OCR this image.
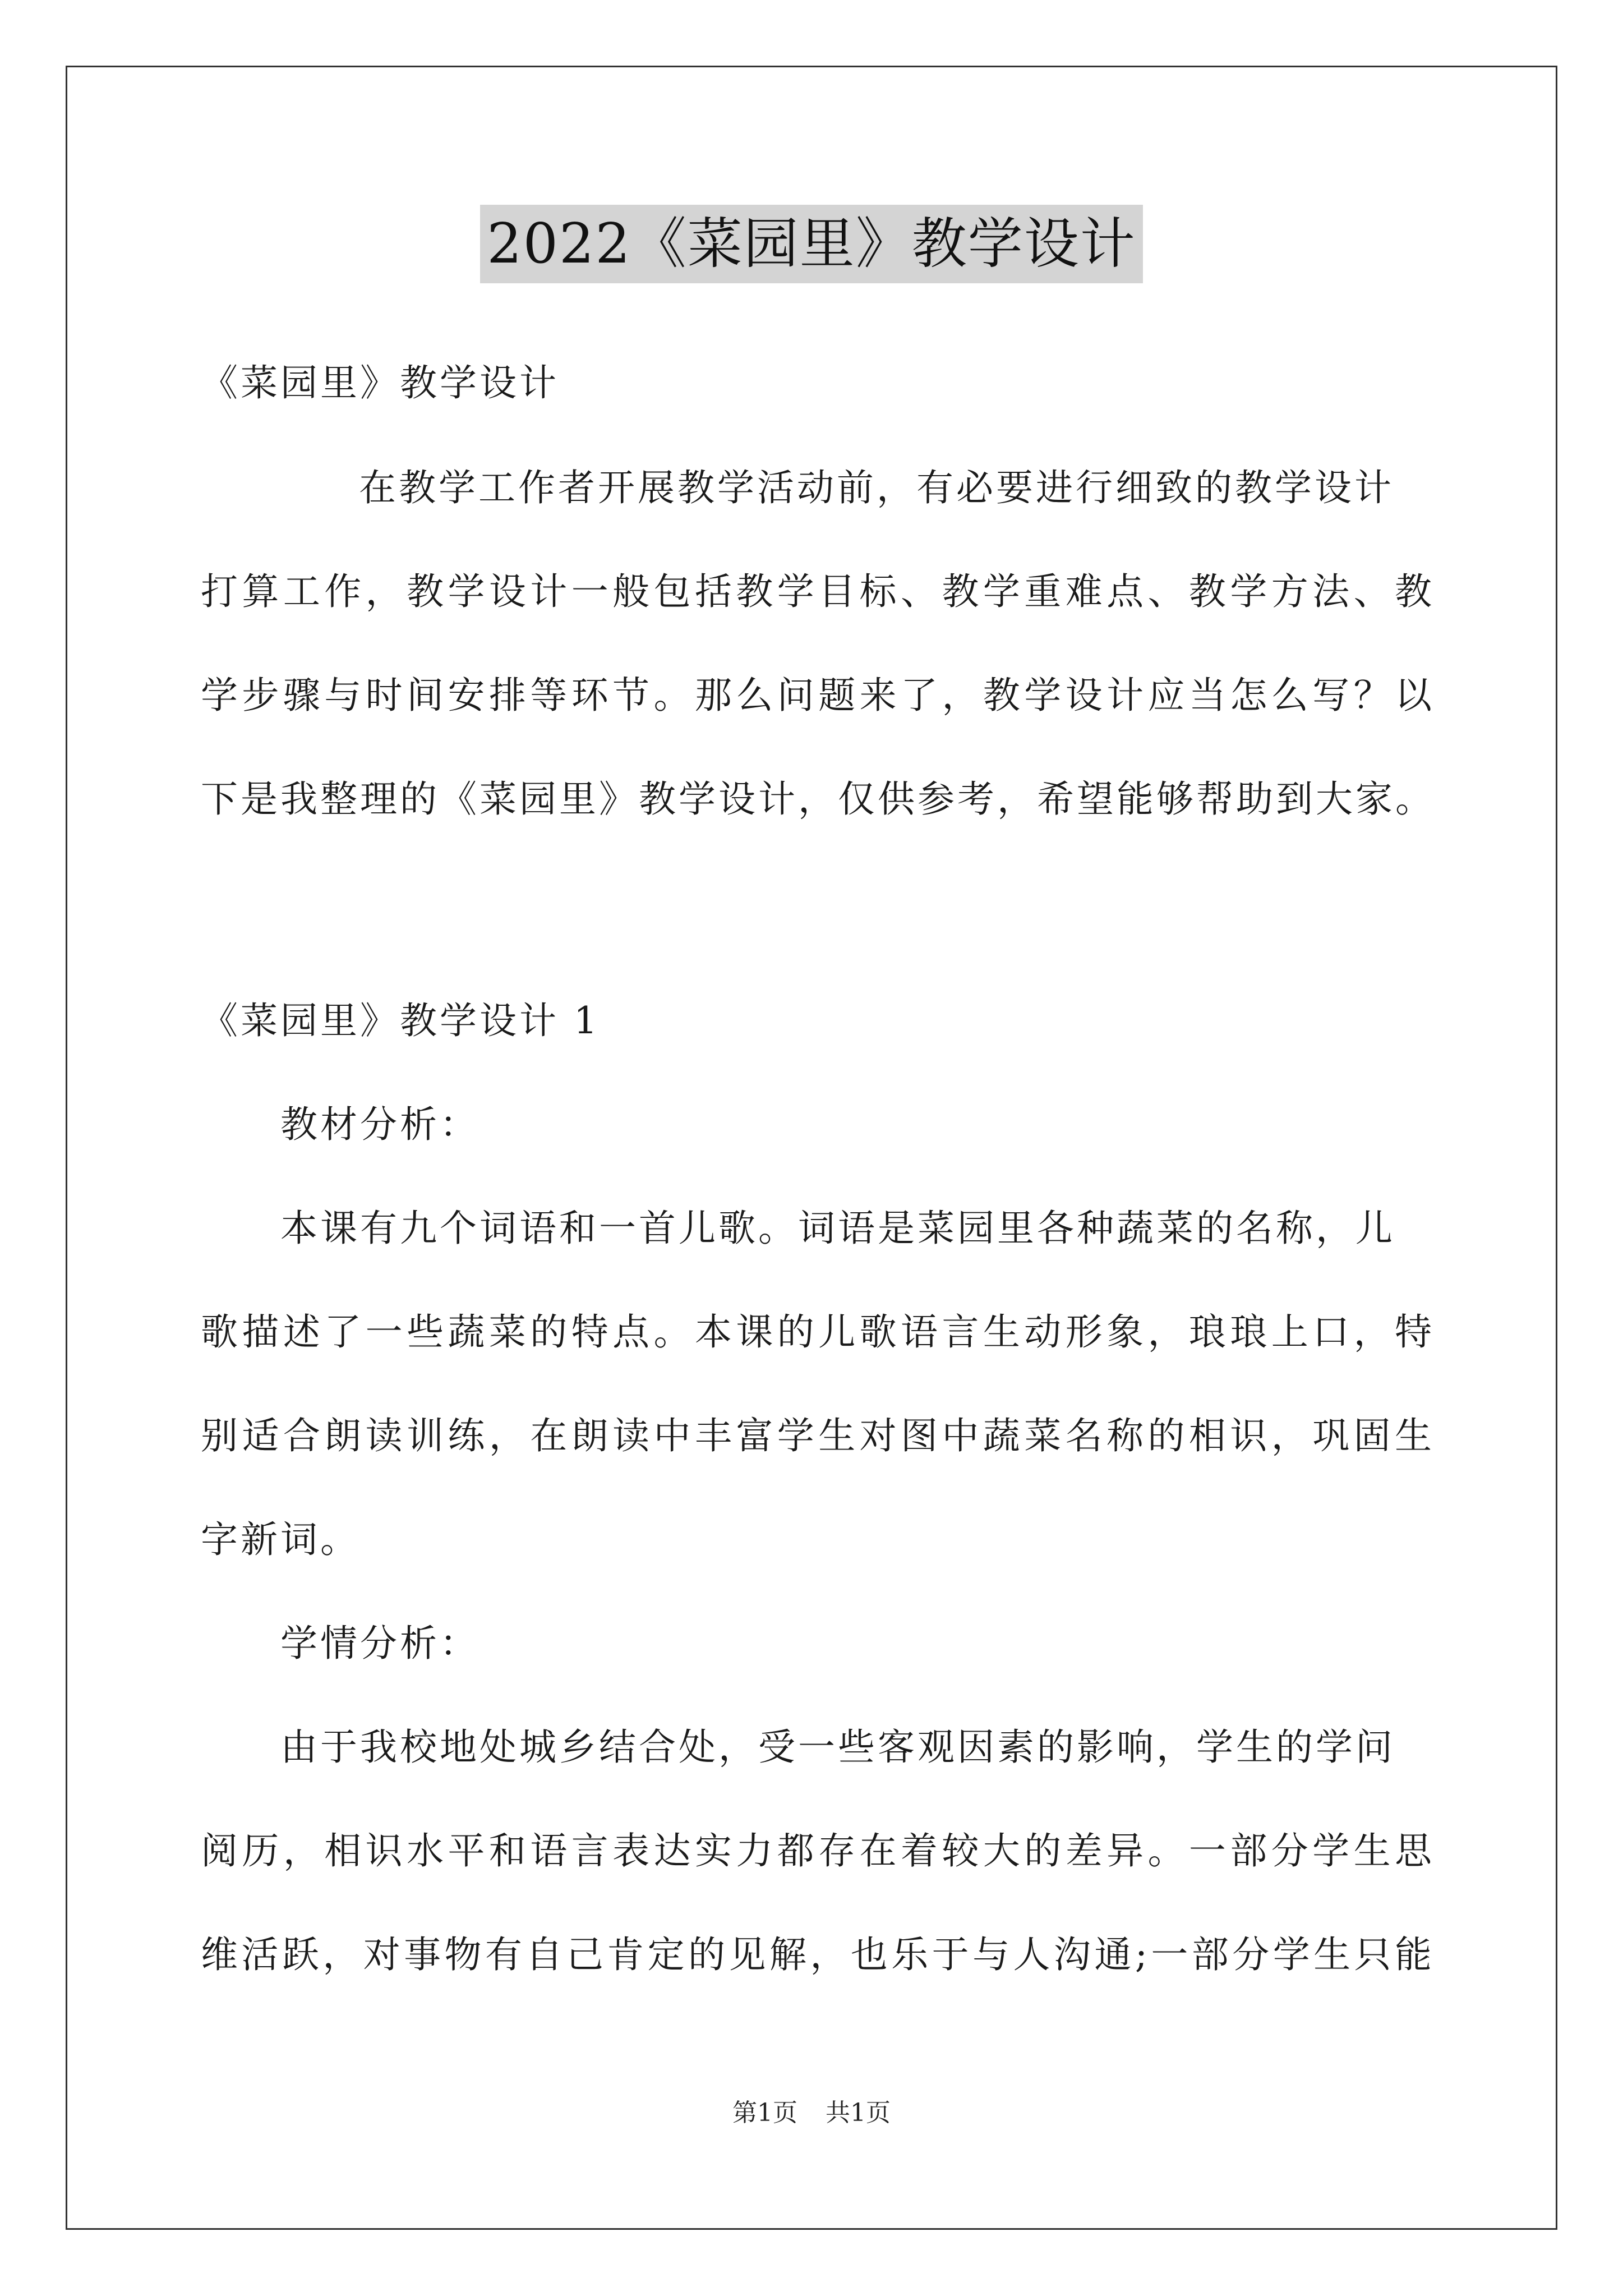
2022《菜园里》教学设计
《菜园里》教学设计
在教学工作者开展教学活动前，有必要进行细致的教学设计
打算工作，教学设计一般包括教学目标、教学重难点、教学方法、教
学步骤与时间安排等环节。那么问题来了，教学设计应当怎么写？以
下是我整理的《菜园里》教学设计，仅供参考，希望能够帮助到大家。
《菜园里》教学设计 1
教材分析：
本课有九个词语和一首儿歌。词语是菜园里各种蔬菜的名称，儿
歌描述了一些蔬菜的特点。本课的儿歌语言生动形象，琅琅上口，特
别适合朗读训练，在朗读中丰富学生对图中蔬菜名称的相识，巩固生
字新词。
学情分析：
由于我校地处城乡结合处，受一些客观因素的影响，学生的学问
阅历，相识水平和语言表达实力都存在着较大的差异。一部分学生思
维活跃，对事物有自己肯定的见解，也乐于与人沟通;一部分学生只能
第1页 共1页
